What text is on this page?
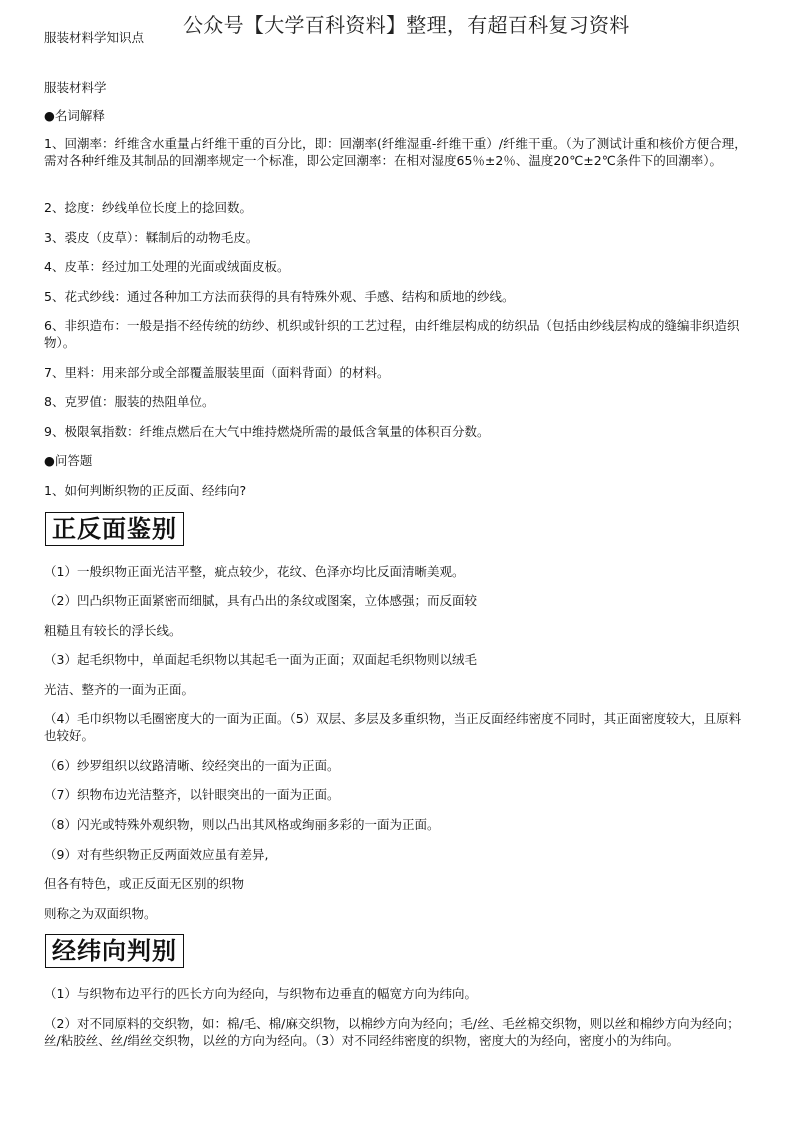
公众号【大学百科资料】整理，有超百科复习资料
服装材料学知识点
服装材料学
●名词解释
1、回潮率：纤维含水重量占纤维干重的百分比，即：回潮率(纤维湿重-纤维干重）/纤维干重。（为了测试计重和核价方便合理，需对各种纤维及其制品的回潮率规定一个标准，即公定回潮率：在相对湿度65％±2％、温度20℃±2℃条件下的回潮率）。
2、捻度：纱线单位长度上的捻回数。
3、裘皮（皮草）：鞣制后的动物毛皮。
4、皮革：经过加工处理的光面或绒面皮板。
5、花式纱线：通过各种加工方法而获得的具有特殊外观、手感、结构和质地的纱线。
6、非织造布：一般是指不经传统的纺纱、机织或针织的工艺过程，由纤维层构成的纺织品（包括由纱线层构成的缝编非织造织物）。
7、里料：用来部分或全部覆盖服装里面（面料背面）的材料。
8、克罗值：服装的热阻单位。
9、极限氧指数：纤维点燃后在大气中维持燃烧所需的最低含氧量的体积百分数。
●问答题
1、如何判断织物的正反面、经纬向?
正反面鉴别
（1）一般织物正面光洁平整，疵点较少，花纹、色泽亦均比反面清晰美观。
（2）凹凸织物正面紧密而细腻，具有凸出的条纹或图案，立体感强；而反面较
粗糙且有较长的浮长线。
（3）起毛织物中，单面起毛织物以其起毛一面为正面；双面起毛织物则以绒毛
光洁、整齐的一面为正面。
（4）毛巾织物以毛圈密度大的一面为正面。（5）双层、多层及多重织物，当正反面经纬密度不同时，其正面密度较大，且原料也较好。
（6）纱罗组织以纹路清晰、绞经突出的一面为正面。
（7）织物布边光洁整齐，以针眼突出的一面为正面。
（8）闪光或特殊外观织物，则以凸出其风格或绚丽多彩的一面为正面。
（9）对有些织物正反两面效应虽有差异,
但各有特色，或正反面无区别的织物
则称之为双面织物。
经纬向判别
（1）与织物布边平行的匹长方向为经向，与织物布边垂直的幅宽方向为纬向。
（2）对不同原料的交织物，如：棉/毛、棉/麻交织物，以棉纱方向为经向；毛/丝、毛丝棉交织物，则以丝和棉纱方向为经向；丝/粘胶丝、丝/绢丝交织物，以丝的方向为经向。（3）对不同经纬密度的织物，密度大的为经向，密度小的为纬向。
